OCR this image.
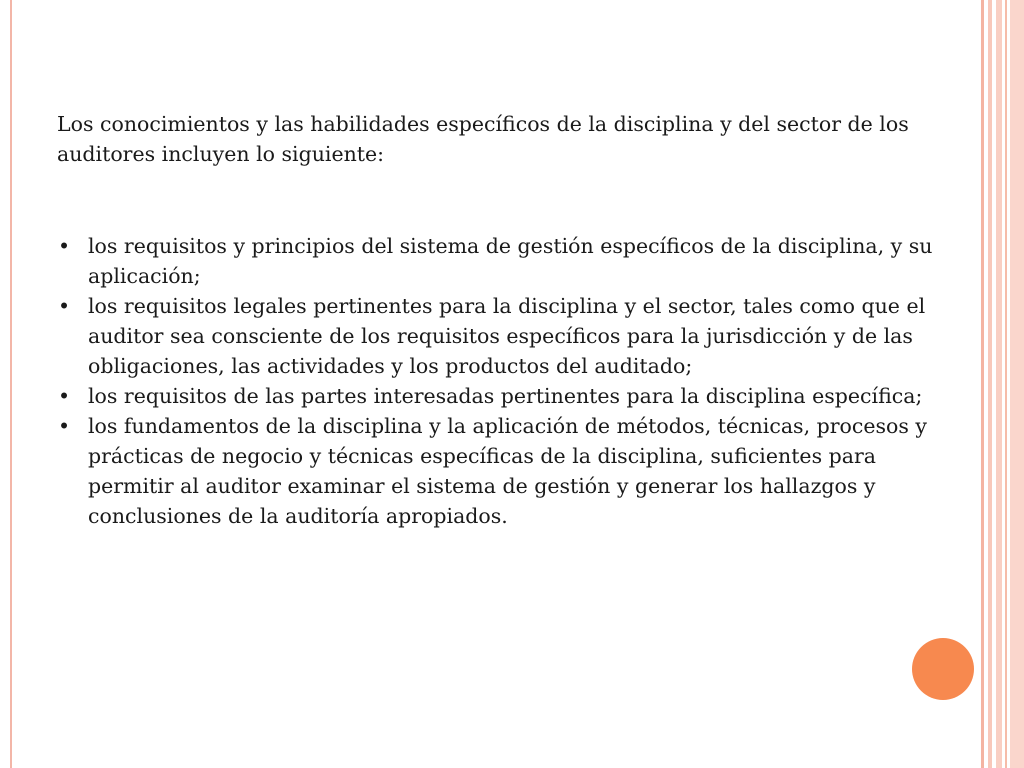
Los conocimientos y las habilidades específicos de la disciplina y del sector de los auditores incluyen lo siguiente:

• los requisitos y principios del sistema de gestión específicos de la disciplina, y su aplicación;
• los requisitos legales pertinentes para la disciplina y el sector, tales como que el auditor sea consciente de los requisitos específicos para la jurisdicción y de las obligaciones, las actividades y los productos del auditado;
• los requisitos de las partes interesadas pertinentes para la disciplina específica;
• los fundamentos de la disciplina y la aplicación de métodos, técnicas, procesos y prácticas de negocio y técnicas específicas de la disciplina, suficientes para permitir al auditor examinar el sistema de gestión y generar los hallazgos y conclusiones de la auditoría apropiados.
